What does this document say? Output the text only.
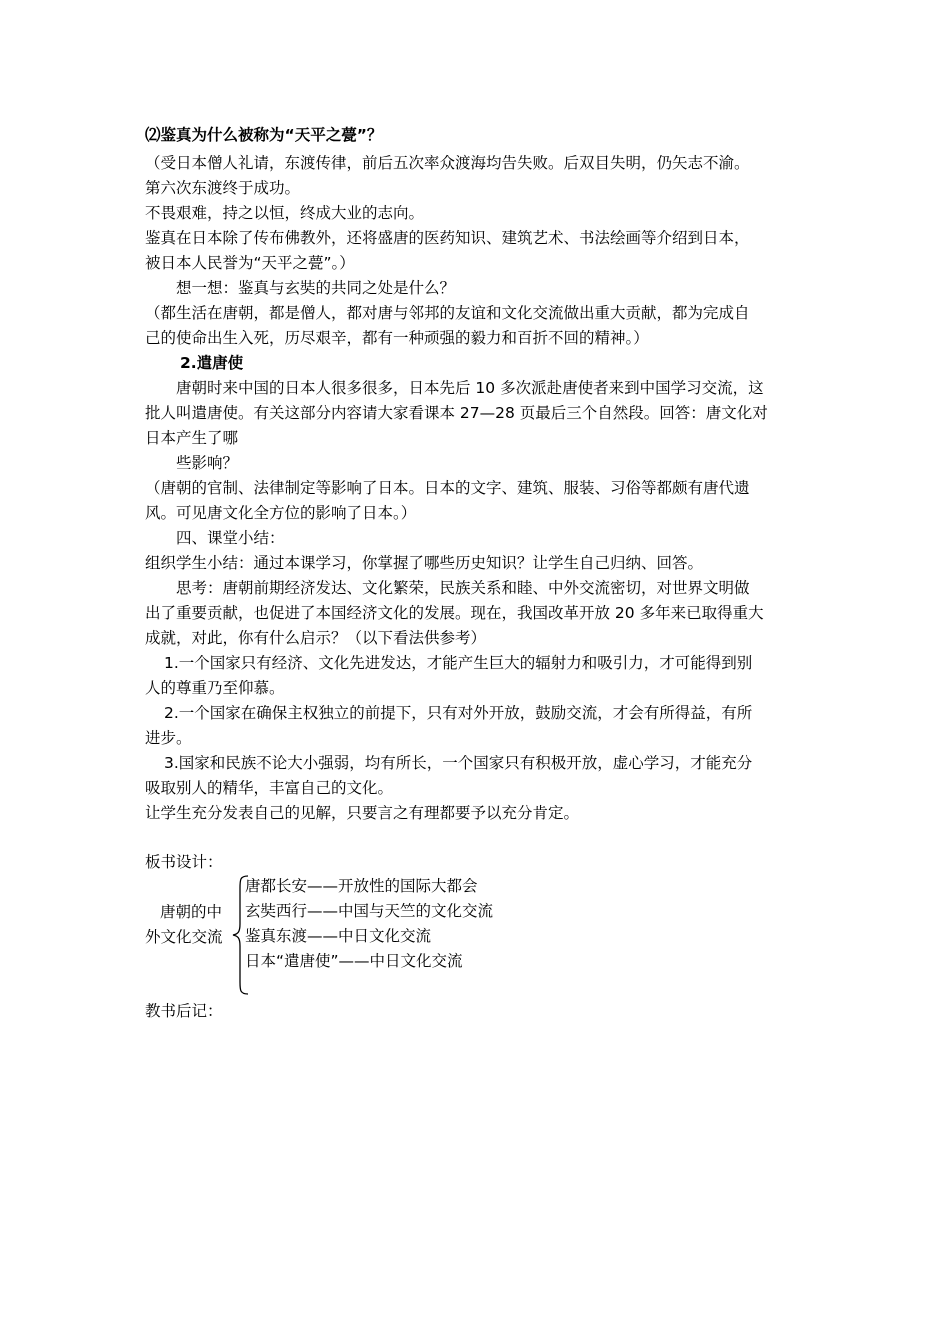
⑵鉴真为什么被称为“天平之甍”？

（受日本僧人礼请，东渡传律，前后五次率众渡海均告失败。后双目失明，仍矢志不渝。

第六次东渡终于成功。

不畏艰难，持之以恒，终成大业的志向。

鉴真在日本除了传布佛教外，还将盛唐的医药知识、建筑艺术、书法绘画等介绍到日本，

被日本人民誉为“天平之甍”。）

想一想：鉴真与玄奘的共同之处是什么？

（都生活在唐朝，都是僧人，都对唐与邻邦的友谊和文化交流做出重大贡献，都为完成自

己的使命出生入死，历尽艰辛，都有一种顽强的毅力和百折不回的精神。）

2.遣唐使

唐朝时来中国的日本人很多很多，日本先后 10 多次派赴唐使者来到中国学习交流，这

批人叫遣唐使。有关这部分内容请大家看课本 27—28 页最后三个自然段。回答：唐文化对

日本产生了哪

些影响？

（唐朝的官制、法律制定等影响了日本。日本的文字、建筑、服装、习俗等都颇有唐代遗

风。可见唐文化全方位的影响了日本。）

四、课堂小结：

组织学生小结：通过本课学习，你掌握了哪些历史知识？让学生自己归纳、回答。

思考：唐朝前期经济发达、文化繁荣，民族关系和睦、中外交流密切，对世界文明做

出了重要贡献，也促进了本国经济文化的发展。现在，我国改革开放 20 多年来已取得重大

成就，对此，你有什么启示？（以下看法供参考）

1.一个国家只有经济、文化先进发达，才能产生巨大的辐射力和吸引力，才可能得到别

人的尊重乃至仰慕。

2.一个国家在确保主权独立的前提下，只有对外开放，鼓励交流，才会有所得益，有所

进步。

3.国家和民族不论大小强弱，均有所长，一个国家只有积极开放，虚心学习，才能充分

吸取别人的精华，丰富自己的文化。

让学生充分发表自己的见解，只要言之有理都要予以充分肯定。

板书设计：

唐朝的中

外文化交流

唐都长安——开放性的国际大都会

玄奘西行——中国与天竺的文化交流

鉴真东渡——中日文化交流

日本“遣唐使”——中日文化交流

教书后记：
